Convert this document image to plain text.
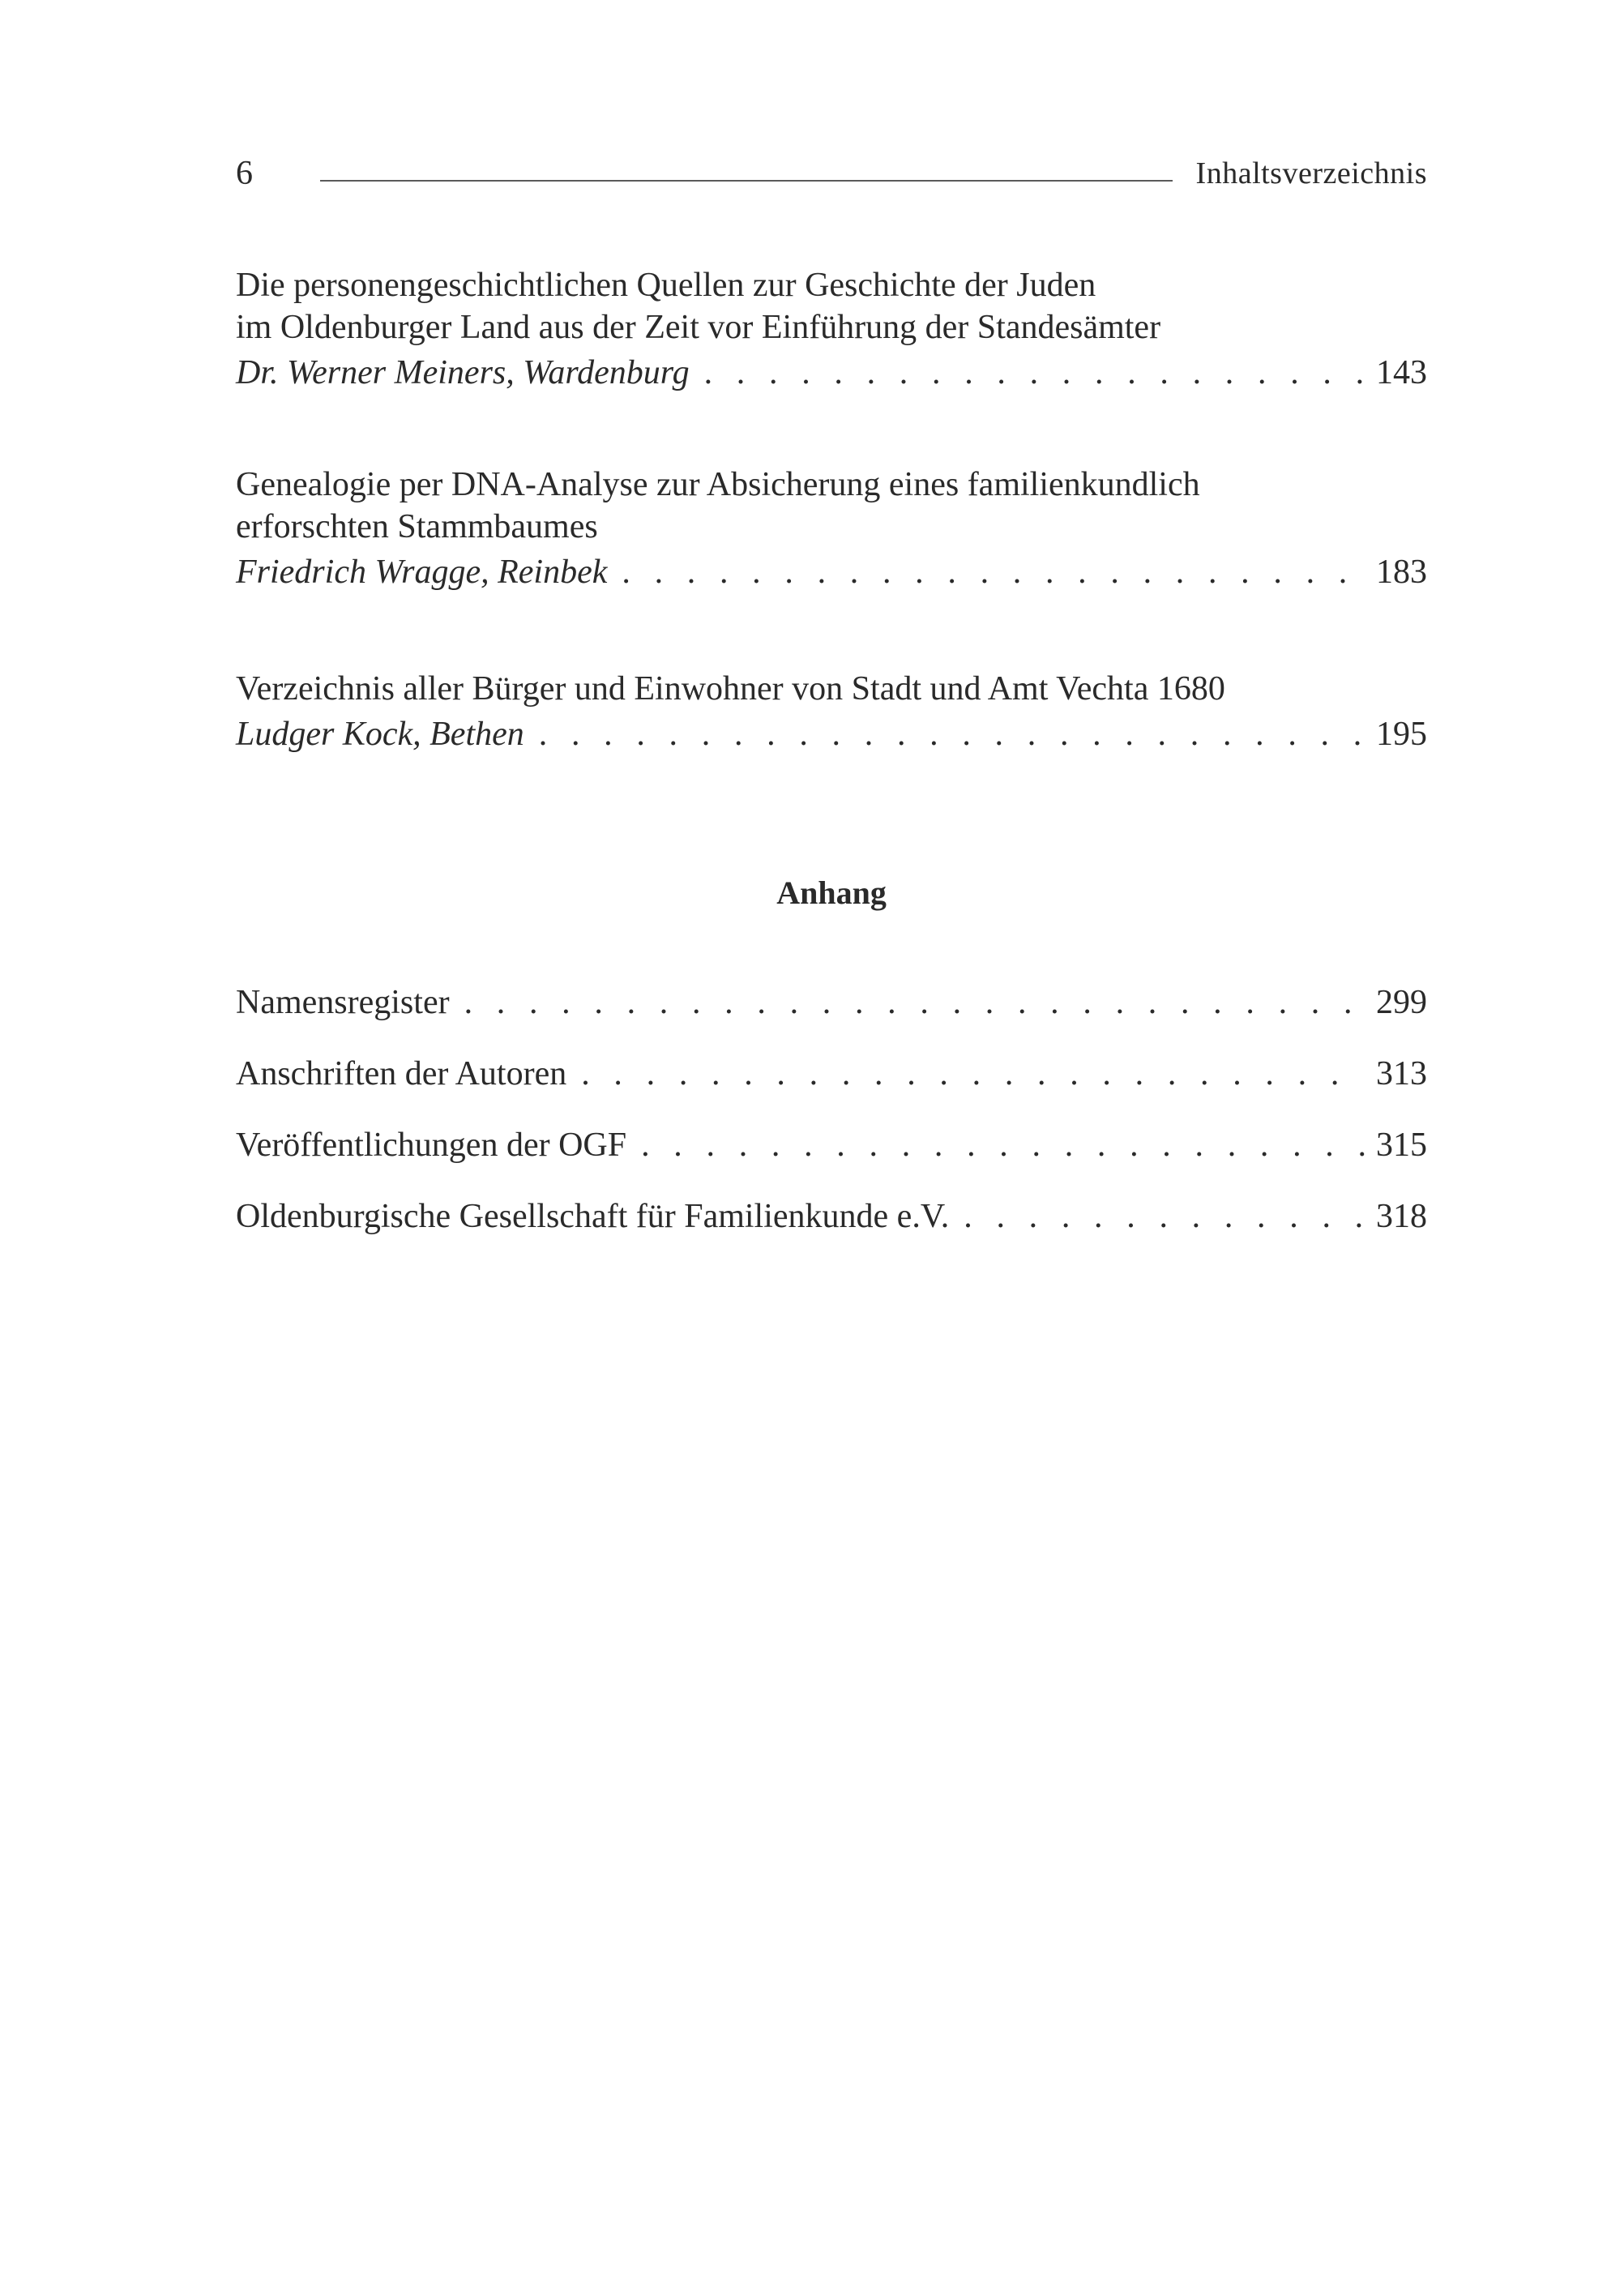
6	Inhaltsverzeichnis
Die personengeschichtlichen Quellen zur Geschichte der Juden
im Oldenburger Land aus der Zeit vor Einführung der Standesämter
Dr. Werner Meiners, Wardenburg . . .	143
Genealogie per DNA-Analyse zur Absicherung eines familienkundlich
erforschten Stammbaumes
Friedrich Wragge, Reinbek . . .	183
Verzeichnis aller Bürger und Einwohner von Stadt und Amt Vechta 1680
Ludger Kock, Bethen . . .	195
Anhang
Namensregister . . .	299
Anschriften der Autoren . . .	313
Veröffentlichungen der OGF . . .	315
Oldenburgische Gesellschaft für Familienkunde e.V. . . .	318
